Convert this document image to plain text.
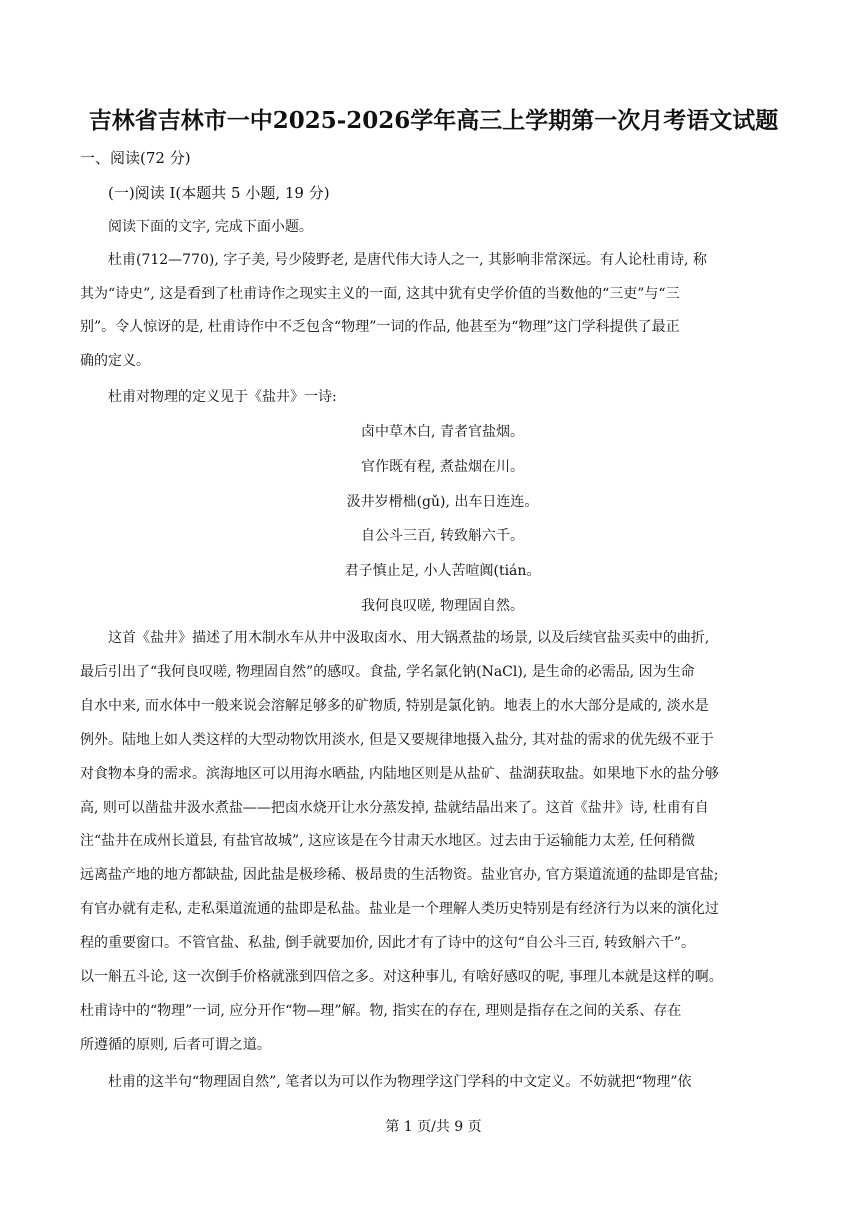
吉林省吉林市一中2025-2026学年高三上学期第一次月考语文试题
一、阅读(72 分)
(一)阅读 I(本题共 5 小题, 19 分)
阅读下面的文字, 完成下面小题。
杜甫(712—770), 字子美, 号少陵野老, 是唐代伟大诗人之一, 其影响非常深远。有人论杜甫诗, 称
其为“诗史”, 这是看到了杜甫诗作之现实主义的一面, 这其中犹有史学价值的当数他的“三吏”与“三
别”。令人惊讶的是, 杜甫诗作中不乏包含“物理”一词的作品, 他甚至为“物理”这门学科提供了最正
确的定义。
杜甫对物理的定义见于《盐井》一诗:
卤中草木白, 青者官盐烟。
官作既有程, 煮盐烟在川。
汲井岁榾柮(gǔ), 出车日连连。
自公斗三百, 转致斛六千。
君子慎止足, 小人苦喧阗(tián。
我何良叹嗟, 物理固自然。
这首《盐井》描述了用木制水车从井中汲取卤水、用大锅煮盐的场景, 以及后续官盐买卖中的曲折,
最后引出了“我何良叹嗟, 物理固自然”的感叹。食盐, 学名氯化钠(NaCl), 是生命的必需品, 因为生命
自水中来, 而水体中一般来说会溶解足够多的矿物质, 特别是氯化钠。地表上的水大部分是咸的, 淡水是
例外。陆地上如人类这样的大型动物饮用淡水, 但是又要规律地摄入盐分, 其对盐的需求的优先级不亚于
对食物本身的需求。滨海地区可以用海水晒盐, 内陆地区则是从盐矿、盐湖获取盐。如果地下水的盐分够
高, 则可以凿盐井汲水煮盐——把卤水烧开让水分蒸发掉, 盐就结晶出来了。这首《盐井》诗, 杜甫有自
注“盐井在成州长道县, 有盐官故城”, 这应该是在今甘肃天水地区。过去由于运输能力太差, 任何稍微
远离盐产地的地方都缺盐, 因此盐是极珍稀、极昂贵的生活物资。盐业官办, 官方渠道流通的盐即是官盐;
有官办就有走私, 走私渠道流通的盐即是私盐。盐业是一个理解人类历史特别是有经济行为以来的演化过
程的重要窗口。不管官盐、私盐, 倒手就要加价, 因此才有了诗中的这句“自公斗三百, 转致斛六千”。
以一斛五斗论, 这一次倒手价格就涨到四倍之多。对这种事儿, 有啥好感叹的呢, 事理儿本就是这样的啊。
杜甫诗中的“物理”一词, 应分开作“物—理”解。物, 指实在的存在, 理则是指存在之间的关系、存在
所遵循的原则, 后者可谓之道。
杜甫的这半句“物理固自然”, 笔者以为可以作为物理学这门学科的中文定义。不妨就把“物理”依
第 1 页/共 9 页
